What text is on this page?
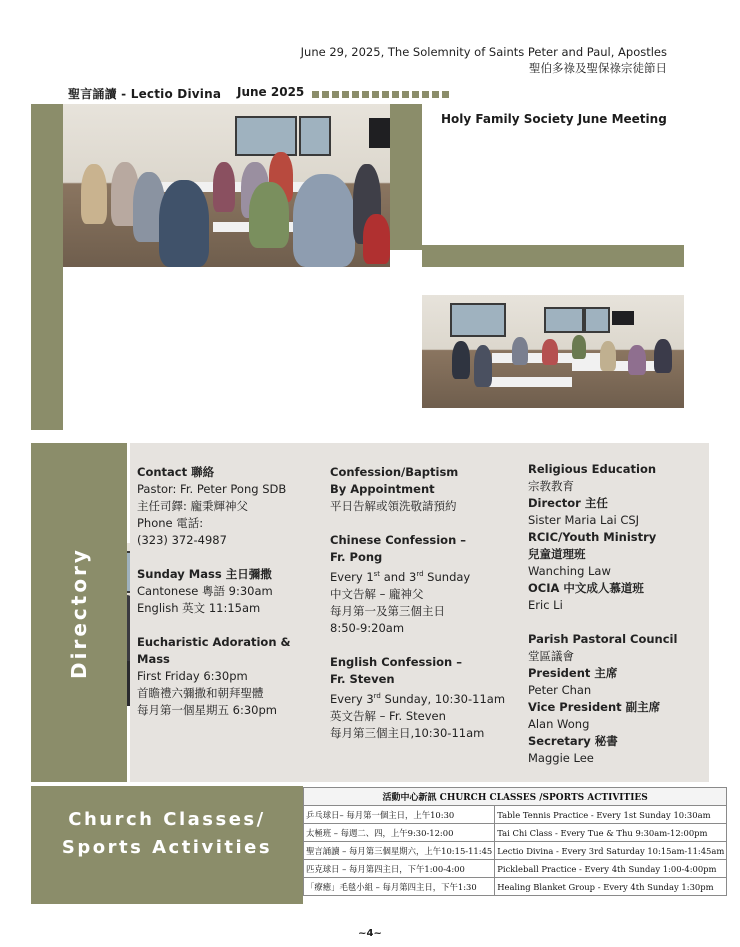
June 29, 2025, The Solemnity of Saints Peter and Paul, Apostles
聖伯多祿及聖保祿宗徒節日
聖言誦讀 - Lectio Divina June 2025
Holy Family Society June Meeting
Directory
Contact 聯絡
Pastor: Fr. Peter Pong SDB
主任司鐸: 龐秉輝神父
Phone 電話:
(323) 372-4987
Sunday Mass 主日彌撒
Cantonese 粵語 9:30am
English 英文 11:15am
Eucharistic Adoration & Mass
First Friday 6:30pm
首瞻禮六彌撒和朝拜聖體
每月第一個星期五 6:30pm
Confession/Baptism
By Appointment
平日告解或領洗敬請預約
Chinese Confession –
Fr. Pong
Every 1st and 3rd Sunday
中文告解 – 龐神父
每月第一及第三個主日
8:50-9:20am
English Confession –
Fr. Steven
Every 3rd Sunday, 10:30-11am
英文告解 – Fr. Steven
每月第三個主日,10:30-11am
Religious Education
宗教教育
Director 主任
Sister Maria Lai CSJ
RCIC/Youth Ministry
兒童道理班
Wanching Law
OCIA 中文成人慕道班
Eric Li
Parish Pastoral Council
堂區議會
President 主席
Peter Chan
Vice President 副主席
Alan Wong
Secretary 秘書
Maggie Lee
Church Classes/
Sports Activities
活動中心新訊 CHURCH CLASSES /SPORTS ACTIVITIES	
乒乓球日– 每月第一個主日，上午10:30	Table Tennis Practice - Every 1st Sunday 10:30am
太極班 – 每週二、四，上午9:30-12:00	Tai Chi Class - Every Tue & Thu 9:30am-12:00pm
聖言誦讀 – 每月第三個星期六，上午10:15-11:45	Lectio Divina - Every 3rd Saturday 10:15am-11:45am
匹克球日 – 每月第四主日，下午1:00-4:00	Pickleball Practice - Every 4th Sunday 1:00-4:00pm
「療癒」毛毯小組 – 每月第四主日，下午1:30	Healing Blanket Group - Every 4th Sunday 1:30pm
~4~
